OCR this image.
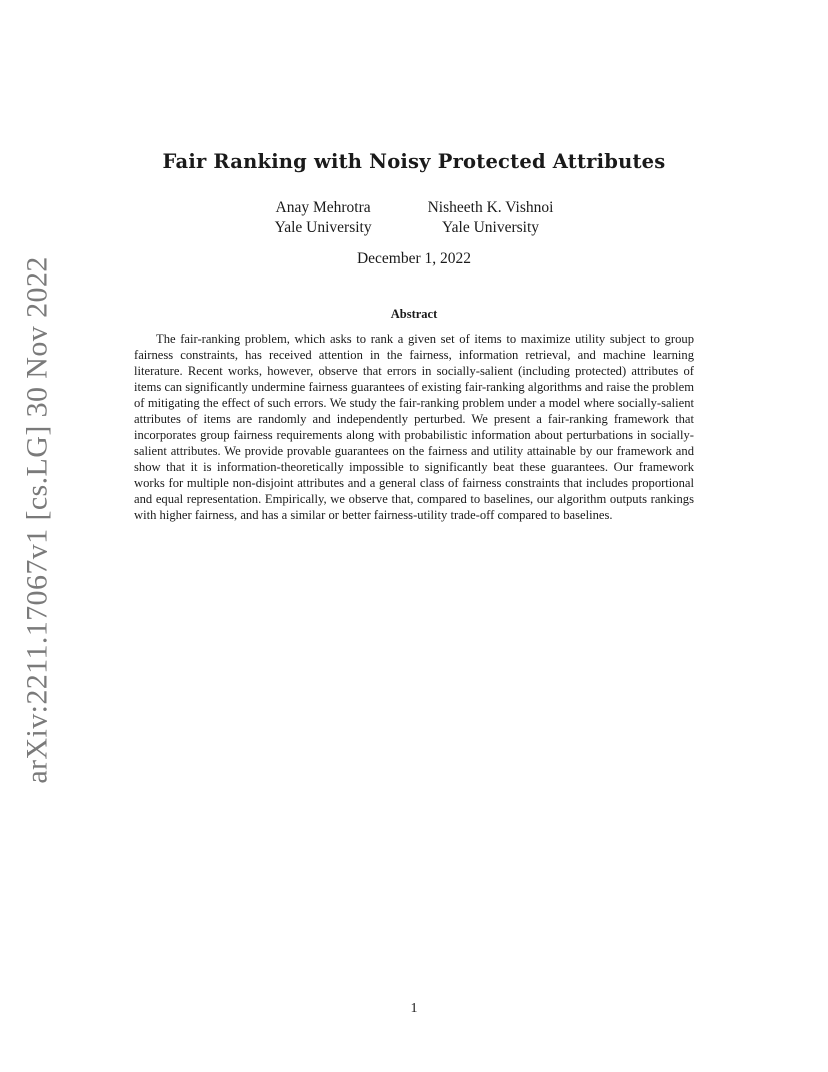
arXiv:2211.17067v1 [cs.LG] 30 Nov 2022
Fair Ranking with Noisy Protected Attributes
Anay Mehrotra
Yale University
Nisheeth K. Vishnoi
Yale University
December 1, 2022
Abstract
The fair-ranking problem, which asks to rank a given set of items to maximize utility subject to group fairness constraints, has received attention in the fairness, information retrieval, and machine learning literature. Recent works, however, observe that errors in socially-salient (including protected) attributes of items can significantly undermine fairness guarantees of existing fair-ranking algorithms and raise the problem of mitigating the effect of such errors. We study the fair-ranking problem under a model where socially-salient attributes of items are randomly and independently perturbed. We present a fair-ranking framework that incorporates group fairness requirements along with probabilistic information about perturbations in socially-salient attributes. We provide provable guarantees on the fairness and utility attainable by our framework and show that it is information-theoretically impossible to significantly beat these guarantees. Our framework works for multiple non-disjoint attributes and a general class of fairness constraints that includes proportional and equal representation. Empirically, we observe that, compared to baselines, our algorithm outputs rankings with higher fairness, and has a similar or better fairness-utility trade-off compared to baselines.
1
